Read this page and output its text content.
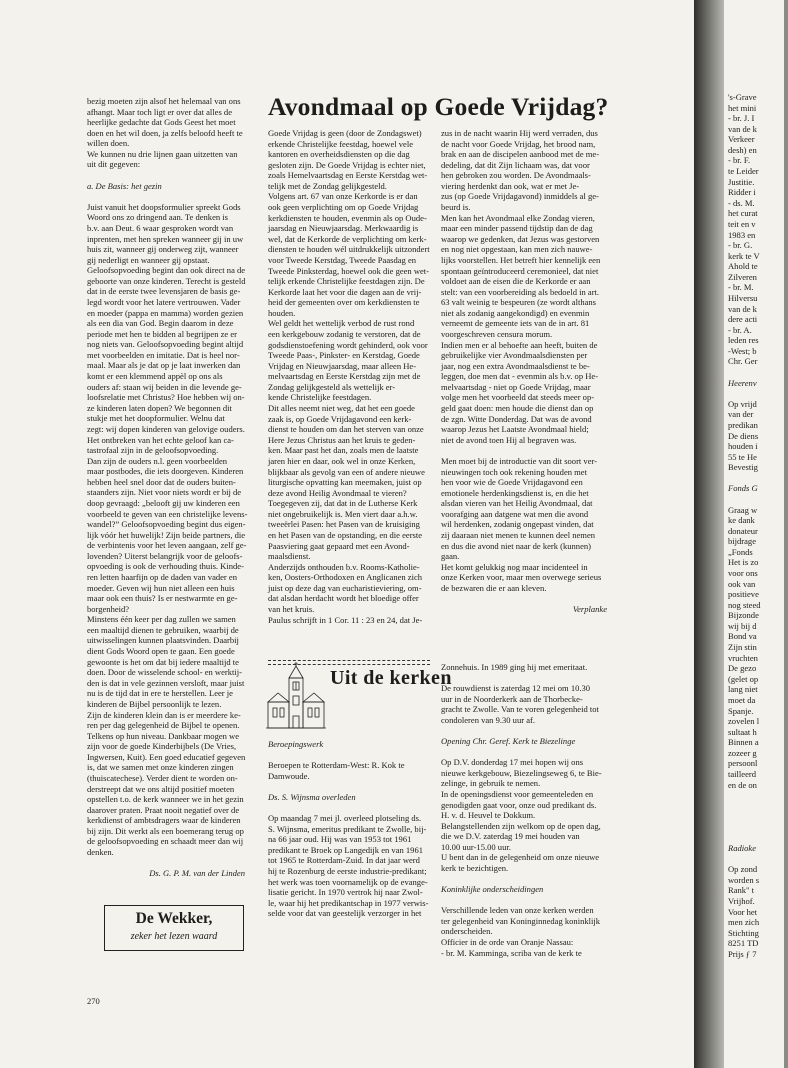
bezig moeten zijn alsof het helemaal van ons

afhangt. Maar toch ligt er over dat alles de

heerlijke gedachte dat Gods Geest het moet

doen en het wil doen, ja zelfs beloofd heeft te

willen doen.

We kunnen nu drie lijnen gaan uitzetten van

uit dit gegeven:

a. De Basis: het gezin

Juist vanuit het doopsformulier spreekt Gods

Woord ons zo dringend aan. Te denken is

b.v. aan Deut. 6 waar gesproken wordt van

inprenten, met hen spreken wanneer gij in uw

huis zit, wanneer gij onderweg zijt, wanneer

gij nederligt en wanneer gij opstaat.

Geloofsopvoeding begint dan ook direct na de

geboorte van onze kinderen. Terecht is gesteld

dat in de eerste twee levensjaren de basis ge-

legd wordt voor het latere vertrouwen. Vader

en moeder (pappa en mamma) worden gezien

als een dia van God. Begin daarom in deze

periode met hen te bidden al begrijpen ze er

nog niets van. Geloofsopvoeding begint altijd

met voorbeelden en imitatie. Dat is heel nor-

maal. Maar als je dat op je laat inwerken dan

komt er een klemmend appèl op ons als

ouders af: staan wij beiden in die levende ge-

loofsrelatie met Christus? Hoe hebben wij on-

ze kinderen laten dopen? We begonnen dit

stukje met het doopformulier. Welnu dat

zegt: wij dopen kinderen van gelovige ouders.

Het ontbreken van het echte geloof kan ca-

tastrofaal zijn in de geloofsopvoeding.

Dan zijn de ouders n.l. geen voorbeelden

maar postbodes, die iets doorgeven. Kinderen

hebben heel snel door dat de ouders buiten-

staanders zijn. Niet voor niets wordt er bij de

doop gevraagd: „belooft gij uw kinderen een

voorbeeld te geven van een christelijke levens-

wandel?” Geloofsopvoeding begint dus eigen-

lijk vóór het huwelijk! Zijn beide partners, die

de verbintenis voor het leven aangaan, zelf ge-

lovenden? Uiterst belangrijk voor de geloofs-

opvoeding is ook de verhouding thuis. Kinde-

ren letten haarfijn op de daden van vader en

moeder. Geven wij hun niet alleen een huis

maar ook een thuis? Is er nestwarmte en ge-

borgenheid?

Minstens één keer per dag zullen we samen

een maaltijd dienen te gebruiken, waarbij de

uitwisselingen kunnen plaatsvinden. Daarbij

dient Gods Woord open te gaan. Een goede

gewoonte is het om dat bij iedere maaltijd te

doen. Door de wisselende school- en werktij-

den is dat in vele gezinnen versloft, maar juist

nu is de tijd dat in ere te herstellen. Leer je

kinderen de Bijbel persoonlijk te lezen.

Zijn de kinderen klein dan is er meerdere ke-

ren per dag gelegenheid de Bijbel te openen.

Telkens op hun niveau. Dankbaar mogen we

zijn voor de goede Kinderbijbels (De Vries,

Ingwersen, Kuit). Een goed educatief gegeven

is, dat we samen met onze kinderen zingen

(thuiscatechese). Verder dient te worden on-

derstreept dat we ons altijd positief moeten

opstellen t.o. de kerk wanneer we in het gezin

daarover praten. Praat nooit negatief over de

kerkdienst of ambtsdragers waar de kinderen

bij zijn. Dit werkt als een boemerang terug op

de geloofsopvoeding en schaadt meer dan wij

denken.

Ds. G. P. M. van der Linden

De Wekker,
zeker het lezen waard
270
Avondmaal op Goede Vrijdag?

Goede Vrijdag is geen (door de Zondagswet)

erkende Christelijke feestdag, hoewel vele

kantoren en overheidsdiensten op die dag

gesloten zijn. De Goede Vrijdag is echter niet,

zoals Hemelvaartsdag en Eerste Kerstdag wet-

telijk met de Zondag gelijkgesteld.

Volgens art. 67 van onze Kerkorde is er dan

ook geen verplichting om op Goede Vrijdag

kerkdiensten te houden, evenmin als op Oude-

jaarsdag en Nieuwjaarsdag. Merkwaardig is

wel, dat de Kerkorde de verplichting om kerk-

diensten te houden wél uitdrukkelijk uitzondert

voor Tweede Kerstdag, Tweede Paasdag en

Tweede Pinksterdag, hoewel ook die geen wet-

telijk erkende Christelijke feestdagen zijn. De

Kerkorde laat het voor die dagen aan de vrij-

heid der gemeenten over om kerkdiensten te

houden.

Wel geldt het wettelijk verbod de rust rond

een kerkgebouw zodanig te verstoren, dat de

godsdienstoefening wordt gehinderd, ook voor

Tweede Paas-, Pinkster- en Kerstdag, Goede

Vrijdag en Nieuwjaarsdag, maar alleen He-

melvaartsdag en Eerste Kerstdag zijn met de

Zondag gelijkgesteld als wettelijk er-

kende Christelijke feestdagen.

Dit alles neemt niet weg, dat het een goede

zaak is, op Goede Vrijdagavond een kerk-

dienst te houden om dan het sterven van onze

Here Jezus Christus aan het kruis te geden-

ken. Maar past het dan, zoals men de laatste

jaren hier en daar, ook wel in onze Kerken,

blijkbaar als gevolg van een of andere nieuwe

liturgische opvatting kan meemaken, juist op

deze avond Heilig Avondmaal te vieren?

Toegegeven zij, dat dat in de Lutherse Kerk

niet ongebruikelijk is. Men viert daar a.h.w.

tweeërlei Pasen: het Pasen van de kruisiging

en het Pasen van de opstanding, en die eerste

Paasviering gaat gepaard met een Avond-

maalsdienst.

Anderzijds onthouden b.v. Rooms-Katholie-

ken, Oosters-Orthodoxen en Anglicanen zich

juist op deze dag van eucharistieviering, om-

dat alsdan herdacht wordt het bloedige offer

van het kruis.

Paulus schrijft in 1 Cor. 11 : 23 en 24, dat Je-

zus in de nacht waarin Hij werd verraden, dus

de nacht voor Goede Vrijdag, het brood nam,

brak en aan de discipelen aanbood met de me-

dedeling, dat dit Zijn lichaam was, dat voor

hen gebroken zou worden. De Avondmaals-

viering herdenkt dan ook, wat er met Je-

zus (op Goede Vrijdagavond) inmiddels al ge-

beurd is.

Men kan het Avondmaal elke Zondag vieren,

maar een minder passend tijdstip dan de dag

waarop we gedenken, dat Jezus was gestorven

en nog niet opgestaan, kan men zich nauwe-

lijks voorstellen. Het betreft hier kennelijk een

spontaan geïntroduceerd ceremonieel, dat niet

voldoet aan de eisen die de Kerkorde er aan

stelt: van een voorbereiding als bedoeld in art.

63 valt weinig te bespeuren (ze wordt althans

niet als zodanig aangekondigd) en evenmin

verneemt de gemeente iets van de in art. 81

voorgeschreven censura morum.

Indien men er al behoefte aan heeft, buiten de

gebruikelijke vier Avondmaalsdiensten per

jaar, nog een extra Avondmaalsdienst te be-

leggen, doe men dat - evenmin als b.v. op He-

melvaartsdag - niet op Goede Vrijdag, maar

volge men het voorbeeld dat steeds meer op-

geld gaat doen: men houde die dienst dan op

de zgn. Witte Donderdag. Dat was de avond

waarop Jezus het Laatste Avondmaal hield;

niet de avond toen Hij al begraven was.

Men moet bij de introductie van dit soort ver-

nieuwingen toch ook rekening houden met

hen voor wie de Goede Vrijdagavond een

emotionele herdenkingsdienst is, en die het

alsdan vieren van het Heilig Avondmaal, dat

voorafging aan datgene wat men die avond

wil herdenken, zodanig ongepast vinden, dat

zij daaraan niet menen te kunnen deel nemen

en dus die avond niet naar de kerk (kunnen)

gaan.

Het komt gelukkig nog maar incidenteel in

onze Kerken voor, maar men overwege serieus

de bezwaren die er aan kleven.

Verplanke

Uit de kerken

Beroepingswerk

Beroepen te Rotterdam-West: R. Kok te

Damwoude.

Ds. S. Wijnsma overleden

Op maandag 7 mei jl. overleed plotseling ds.

S. Wijnsma, emeritus predikant te Zwolle, bij-

na 66 jaar oud. Hij was van 1953 tot 1961

predikant te Broek op Langedijk en van 1961

tot 1965 te Rotterdam-Zuid. In dat jaar werd

hij te Rozenburg de eerste industrie-predikant;

het werk was toen voornamelijk op de evange-

lisatie gericht. In 1970 vertrok hij naar Zwol-

le, waar hij het predikantschap in 1977 verwis-

selde voor dat van geestelijk verzorger in het

Zonnehuis. In 1989 ging hij met emeritaat.

De rouwdienst is zaterdag 12 mei om 10.30

uur in de Noorderkerk aan de Thorbecke-

gracht te Zwolle. Van te voren gelegenheid tot

condoleren van 9.30 uur af.

Opening Chr. Geref. Kerk te Biezelinge

Op D.V. donderdag 17 mei hopen wij ons

nieuwe kerkgebouw, Biezelingseweg 6, te Bie-

zelinge, in gebruik te nemen.

In de openingsdienst voor gemeenteleden en

genodigden gaat voor, onze oud predikant ds.

H. v. d. Heuvel te Dokkum.

Belangstellenden zijn welkom op de open dag,

die we D.V. zaterdag 19 mei houden van

10.00 uur-15.00 uur.

U bent dan in de gelegenheid om onze nieuwe

kerk te bezichtigen.

Koninklijke onderscheidingen

Verschillende leden van onze kerken werden

ter gelegenheid van Koninginnedag koninklijk

onderscheiden.

Officier in de orde van Oranje Nassau:

- br. M. Kamminga, scriba van de kerk te

's-Grave

het mini

- br. J. I

van de k

Verkeer

desh) en

- br. F.

te Leider

Justitie.

Ridder i

- ds. M.

het curat

teit en v

1983 en

- br. G.

kerk te V

Ahold te

Zilveren

- br. M.

Hilversu

van de k

dere acti

- br. A.

leden res

-West; b

Chr. Ger

Heerenv

Op vrijd

van der

predikan

De diens

houden i

55 te He

Bevestig

Fonds G

Graag w

ke dank

donateur

bijdrage

„Fonds

Het is zo

voor ons

ook van

positieve

nog steed

Bijzonde

wij bij d

Bond va

Zijn stin

vruchten

De gezo

(gelet op

lang niet

moet da

Spanje.

zovelen l

sultaat h

Binnen a

zozeer g

persoonl

tailleerd

en de on

Radioke

Op zond

worden s

Rank" t

Vrijhof.

Voor het

men zich

Stichting

8251 TD

Prijs ƒ 7
